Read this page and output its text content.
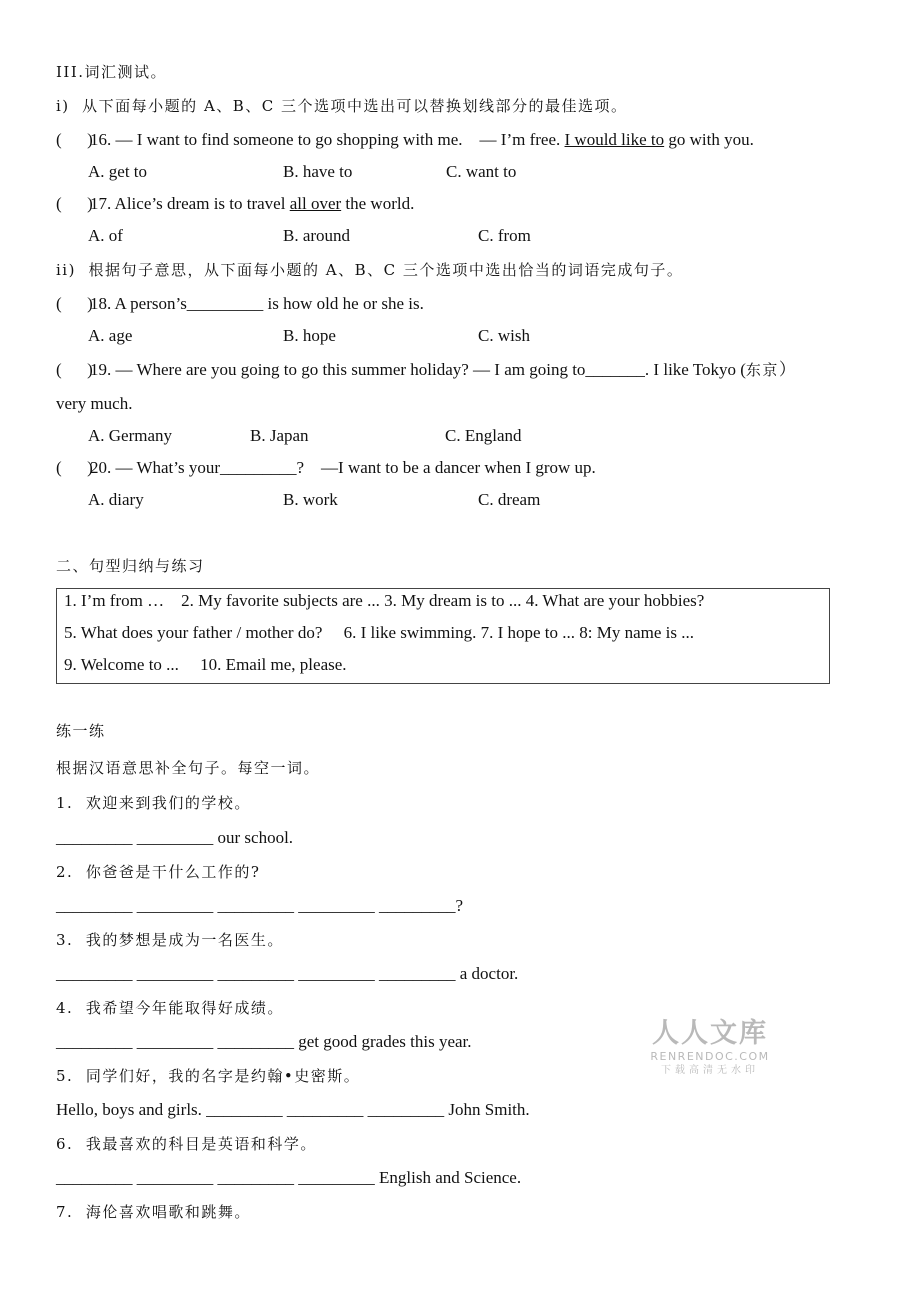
III.词汇测试。
i)  从下面每小题的 A、B、C 三个选项中选出可以替换划线部分的最佳选项。
(      )
16. — I want to find someone to go shopping with me.    — I’m free. I would like to go with you.
A. get to	B. have to	C. want to
(      )
17. Alice’s dream is to travel all over the world.
A. of	B. around	C. from
ii)  根据句子意思，从下面每小题的 A、B、C 三个选项中选出恰当的词语完成句子。
(      )
18. A person’s_________ is how old he or she is.
A. age	B. hope	C. wish
(      )
19. — Where are you going to go this summer holiday? — I am going to_______. I like Tokyo (东京）
very much.
A. Germany	B. Japan	C. England
(      )
20. — What’s your_________?    —I want to be a dancer when I grow up.
A. diary	B. work	C. dream
二、句型归纳与练习
1. I’m from …    2. My favorite subjects are ... 3. My dream is to ... 4. What are your hobbies?
5. What does your father / mother do?     6. I like swimming. 7. I hope to ... 8: My name is ...
9. Welcome to ...     10. Email me, please.
练一练
根据汉语意思补全句子。每空一词。
1.  欢迎来到我们的学校。
_________ _________ our school.
2.  你爸爸是干什么工作的?
_________ _________ _________ _________ _________?
3.  我的梦想是成为一名医生。
_________ _________ _________ _________ _________ a doctor.
4.  我希望今年能取得好成绩。
_________ _________ _________ get good grades this year.
5.  同学们好，我的名字是约翰•史密斯。
Hello, boys and girls. _________ _________ _________ John Smith.
6.  我最喜欢的科目是英语和科学。
_________ _________ _________ _________ English and Science.
7.  海伦喜欢唱歌和跳舞。
人人文库
RENRENDOC.COM
下载高清无水印
